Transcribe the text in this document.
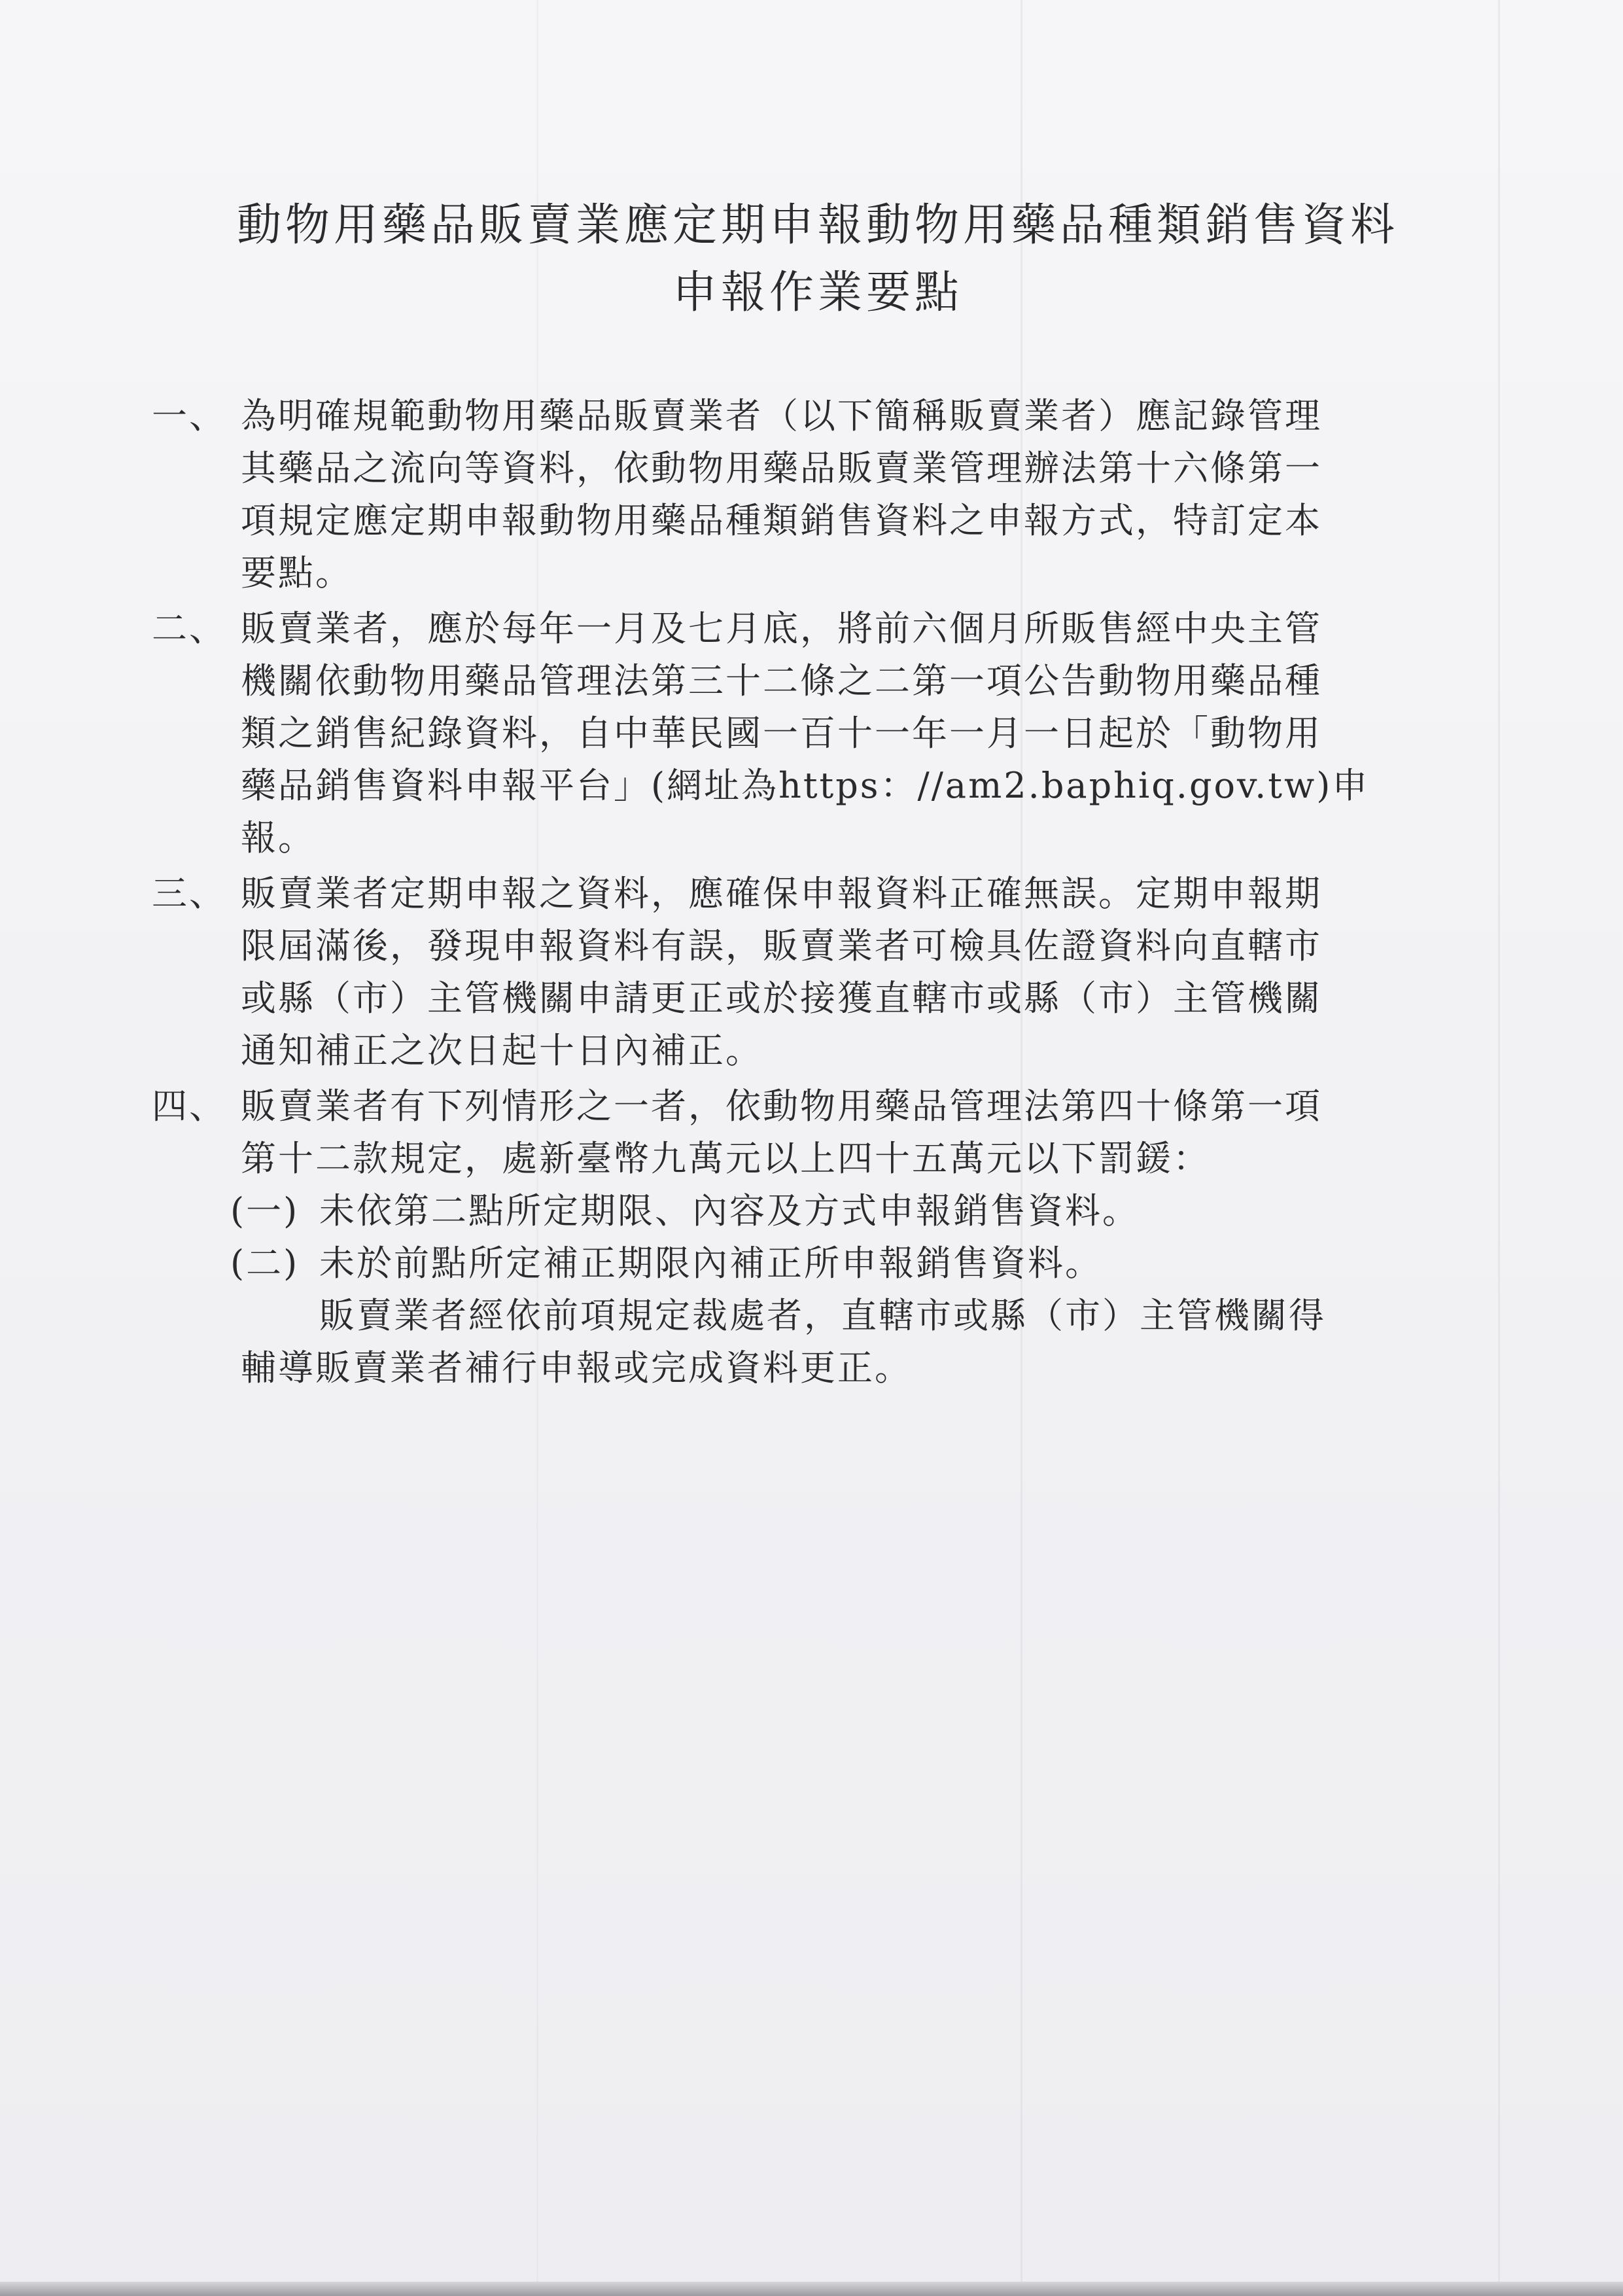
動物用藥品販賣業應定期申報動物用藥品種類銷售資料
申報作業要點
一、 為明確規範動物用藥品販賣業者（以下簡稱販賣業者）應記錄管理
其藥品之流向等資料，依動物用藥品販賣業管理辦法第十六條第一
項規定應定期申報動物用藥品種類銷售資料之申報方式，特訂定本
要點。
二、 販賣業者，應於每年一月及七月底，將前六個月所販售經中央主管
機關依動物用藥品管理法第三十二條之二第一項公告動物用藥品種
類之銷售紀錄資料，自中華民國一百十一年一月一日起於「動物用
藥品銷售資料申報平台」(網址為https：//am2.baphiq.gov.tw)申
報。
三、 販賣業者定期申報之資料，應確保申報資料正確無誤。定期申報期
限屆滿後，發現申報資料有誤，販賣業者可檢具佐證資料向直轄市
或縣（市）主管機關申請更正或於接獲直轄市或縣（市）主管機關
通知補正之次日起十日內補正。
四、 販賣業者有下列情形之一者，依動物用藥品管理法第四十條第一項
第十二款規定，處新臺幣九萬元以上四十五萬元以下罰鍰：
(一) 未依第二點所定期限、內容及方式申報銷售資料。
(二) 未於前點所定補正期限內補正所申報銷售資料。
販賣業者經依前項規定裁處者，直轄市或縣（市）主管機關得
輔導販賣業者補行申報或完成資料更正。
